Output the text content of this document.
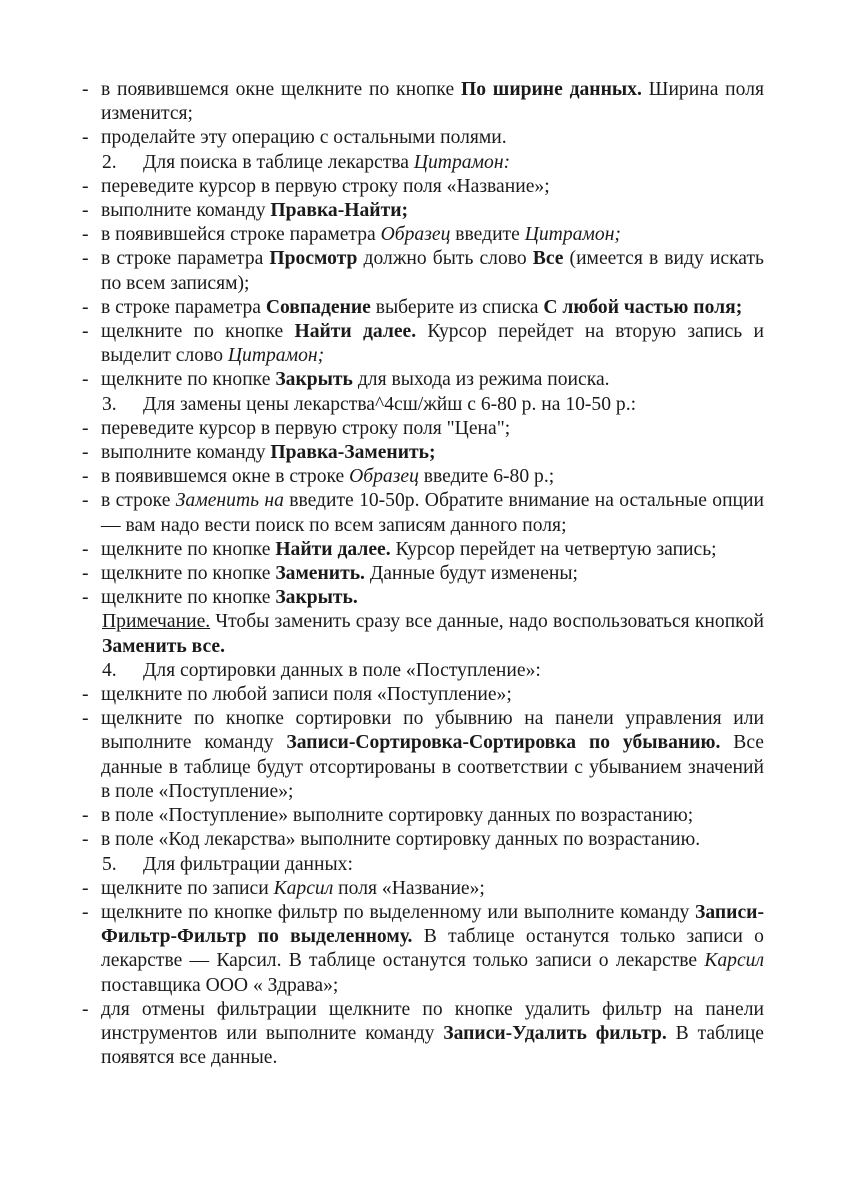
- в появившемся окне щелкните по кнопке По ширине данных. Ширина поля изменится;
- проделайте эту операцию с остальными полями.
2. Для поиска в таблице лекарства Цитрамон:
- переведите курсор в первую строку поля «Название»;
- выполните команду Правка-Найти;
- в появившейся строке параметра Образец введите Цитрамон;
- в строке параметра Просмотр должно быть слово Все (имеется в виду искать по всем записям);
- в строке параметра Совпадение выберите из списка С любой частью поля;
- щелкните по кнопке Найти далее. Курсор перейдет на вторую запись и выделит слово Цитрамон;
- щелкните по кнопке Закрыть для выхода из режима поиска.
3. Для замены цены лекарства^4сш/жйш с 6-80 р. на 10-50 р.:
- переведите курсор в первую строку поля "Цена";
- выполните команду Правка-Заменить;
- в появившемся окне в строке Образец введите 6-80 р.;
- в строке Заменить на введите 10-50р. Обратите внимание на остальные опции — вам надо вести поиск по всем записям данного поля;
- щелкните по кнопке Найти далее. Курсор перейдет на четвертую запись;
- щелкните по кнопке Заменить. Данные будут изменены;
- щелкните по кнопке Закрыть.
Примечание. Чтобы заменить сразу все данные, надо воспользоваться кнопкой Заменить все.
4. Для сортировки данных в поле «Поступление»:
- щелкните по любой записи поля «Поступление»;
- щелкните по кнопке сортировки по убывнию на панели управления или выполните команду Записи-Сортировка-Сортировка по убыванию. Все данные в таблице будут отсортированы в соответствии с убыванием значений в поле «Поступление»;
- в поле «Поступление» выполните сортировку данных по возрастанию;
- в поле «Код лекарства» выполните сортировку данных по возрастанию.
5. Для фильтрации данных:
- щелкните по записи Карсил поля «Название»;
- щелкните по кнопке фильтр по выделенному или выполните команду Записи-Фильтр-Фильтр по выделенному. В таблице останутся только записи о лекарстве — Карсил. В таблице останутся только записи о лекарстве Карсил поставщика ООО « Здрава»;
- для отмены фильтрации щелкните по кнопке удалить фильтр на панели инструментов или выполните команду Записи-Удалить фильтр. В таблице появятся все данные.
